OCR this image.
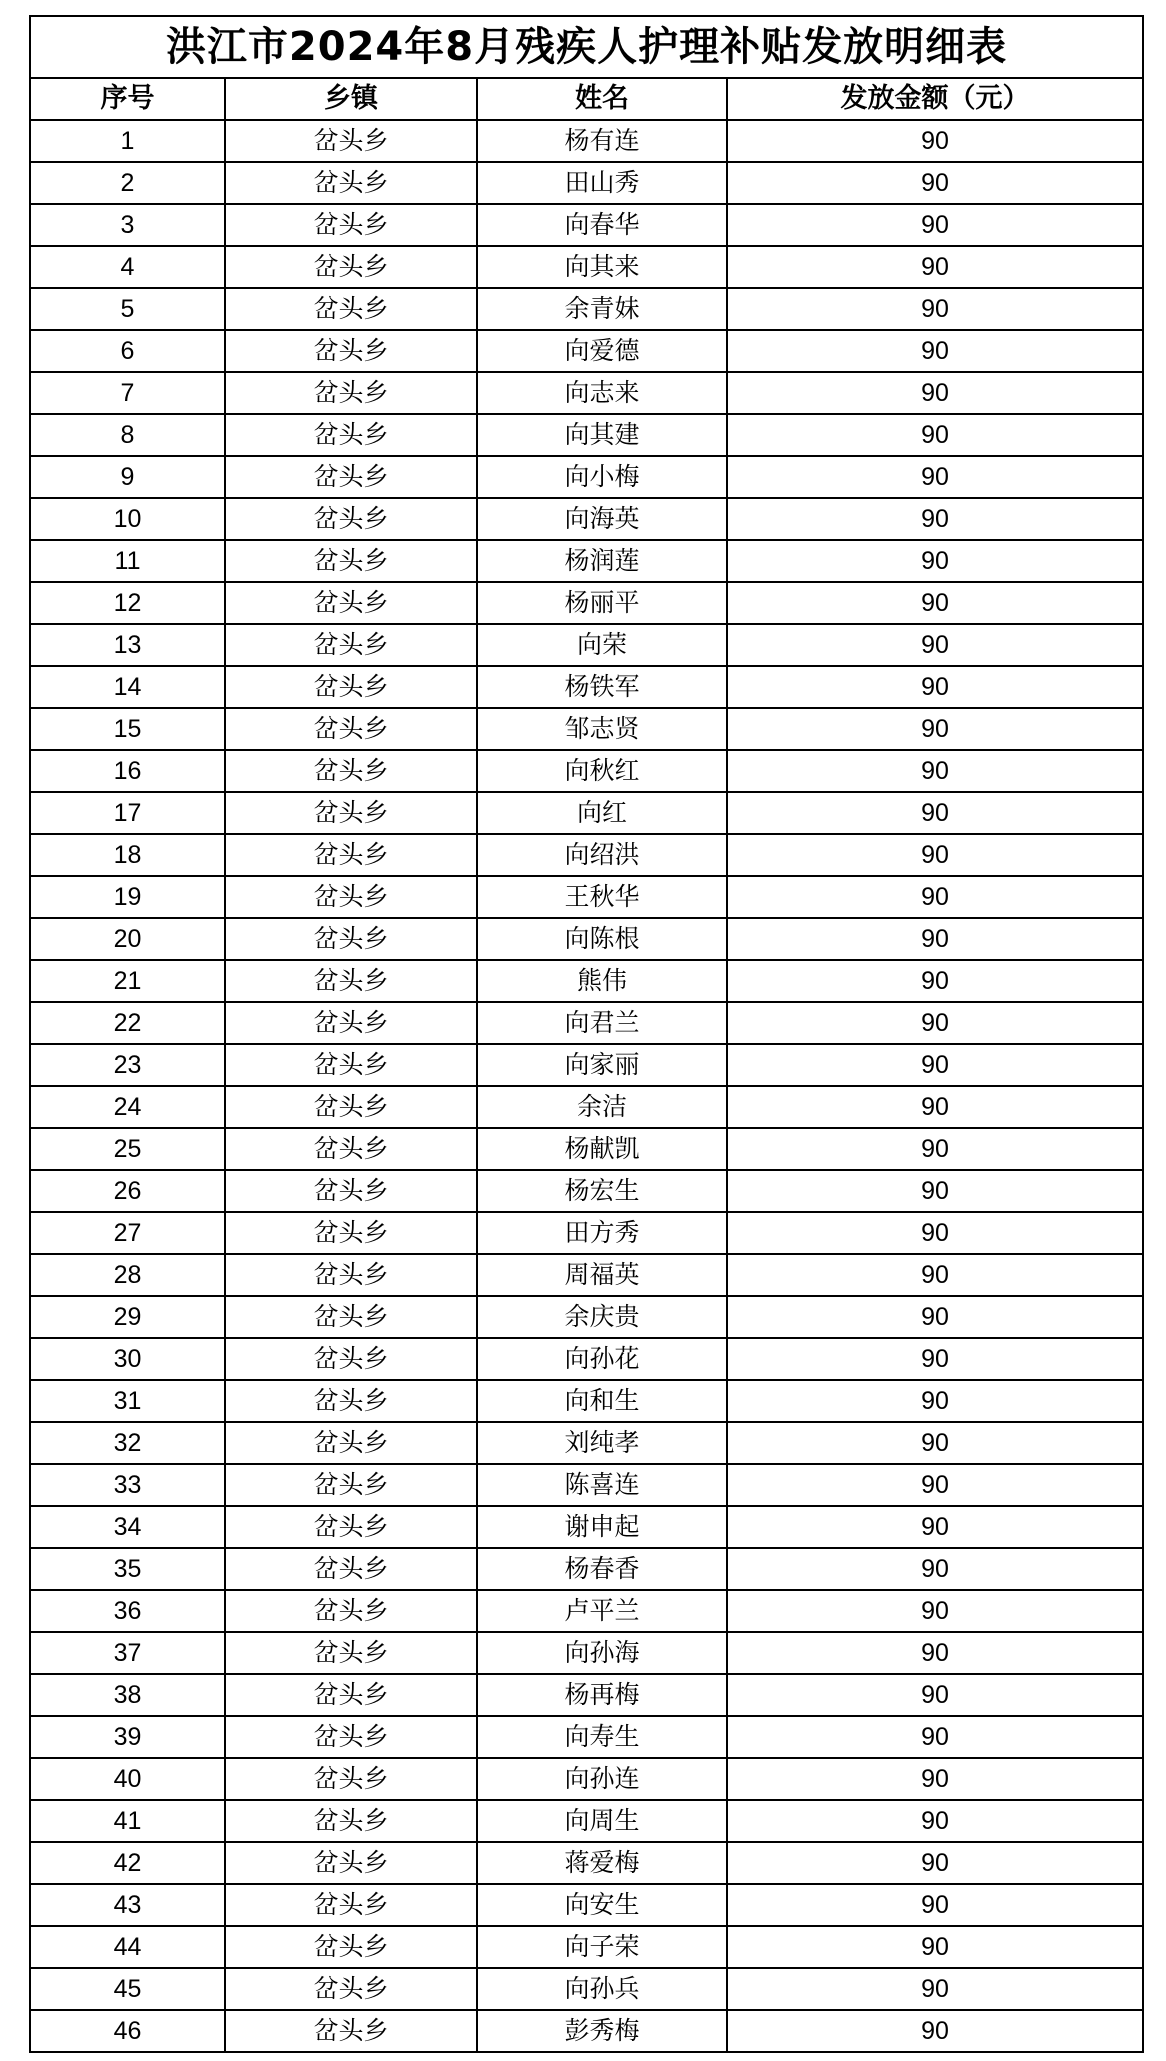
洪江市2024年8月残疾人护理补贴发放明细表			
序号	乡镇	姓名	发放金额（元）
1	岔头乡	杨有连	90
2	岔头乡	田山秀	90
3	岔头乡	向春华	90
4	岔头乡	向其来	90
5	岔头乡	余青妹	90
6	岔头乡	向爱德	90
7	岔头乡	向志来	90
8	岔头乡	向其建	90
9	岔头乡	向小梅	90
10	岔头乡	向海英	90
11	岔头乡	杨润莲	90
12	岔头乡	杨丽平	90
13	岔头乡	向荣	90
14	岔头乡	杨铁军	90
15	岔头乡	邹志贤	90
16	岔头乡	向秋红	90
17	岔头乡	向红	90
18	岔头乡	向绍洪	90
19	岔头乡	王秋华	90
20	岔头乡	向陈根	90
21	岔头乡	熊伟	90
22	岔头乡	向君兰	90
23	岔头乡	向家丽	90
24	岔头乡	余洁	90
25	岔头乡	杨献凯	90
26	岔头乡	杨宏生	90
27	岔头乡	田方秀	90
28	岔头乡	周福英	90
29	岔头乡	余庆贵	90
30	岔头乡	向孙花	90
31	岔头乡	向和生	90
32	岔头乡	刘纯孝	90
33	岔头乡	陈喜连	90
34	岔头乡	谢申起	90
35	岔头乡	杨春香	90
36	岔头乡	卢平兰	90
37	岔头乡	向孙海	90
38	岔头乡	杨再梅	90
39	岔头乡	向寿生	90
40	岔头乡	向孙连	90
41	岔头乡	向周生	90
42	岔头乡	蒋爱梅	90
43	岔头乡	向安生	90
44	岔头乡	向子荣	90
45	岔头乡	向孙兵	90
46	岔头乡	彭秀梅	90
